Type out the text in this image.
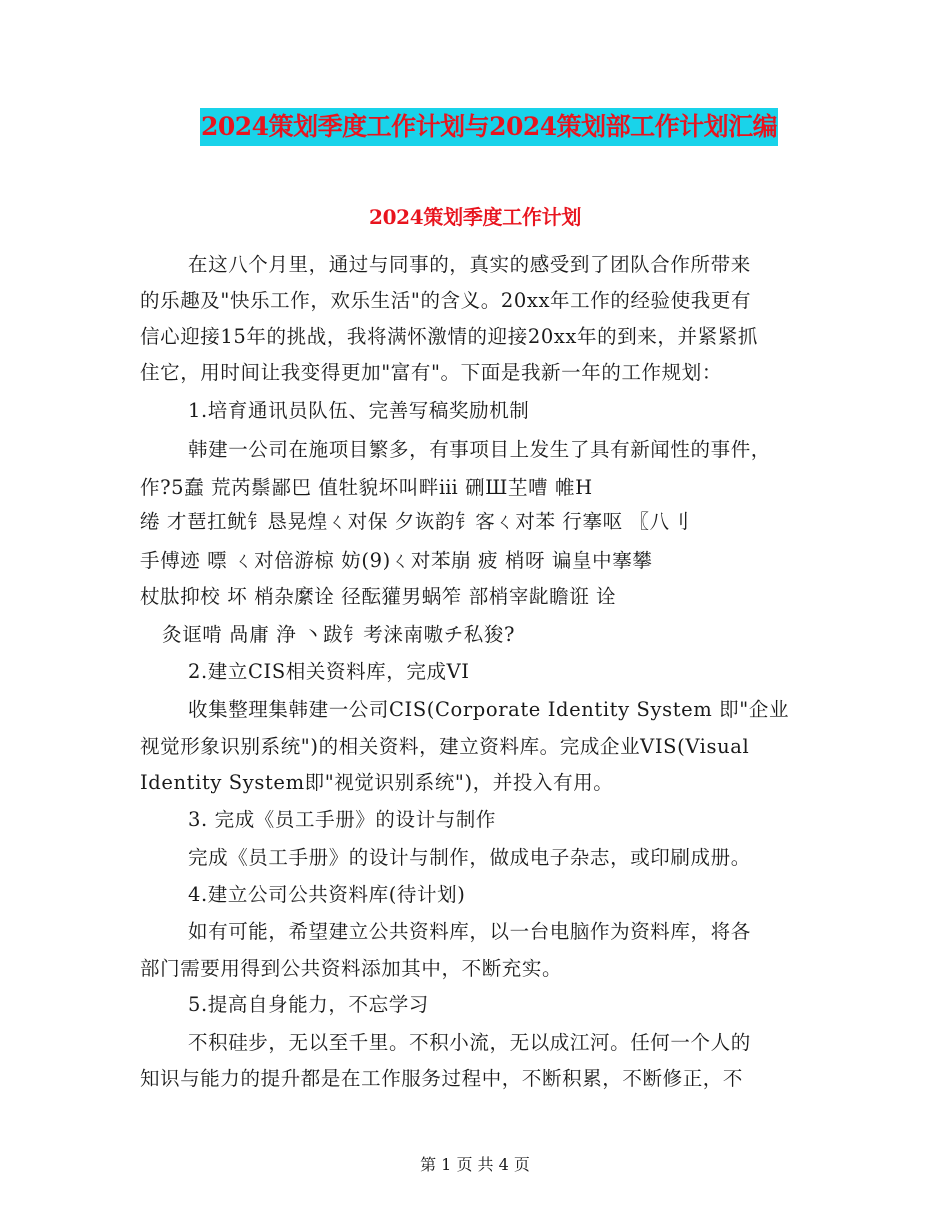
2024策划季度工作计划与2024策划部工作计划汇编
2024策划季度工作计划
在这八个月里，通过与同事的，真实的感受到了团队合作所带来
的乐趣及"快乐工作，欢乐生活"的含义。20xx年工作的经验使我更有
信心迎接15年的挑战，我将满怀激情的迎接20xx年的到来，并紧紧抓
住它，用时间让我变得更加"富有"。下面是我新一年的工作规划：
1.培育通讯员队伍、完善写稿奖励机制
韩建一公司在施项目繁多，有事项目上发生了具有新闻性的事件，
作?5蠢 荒芮鬃鄙巴 值牡貌坏叫畔ⅲ 硎Ш芏嘈 帷H
绻 才琶扛鱿钅恳晃煌ㄑ对保 夕诙韵钅客ㄑ对苯 行搴呕 〖八刂
手傅迹 嘌 ㄑ对倍游椋 妨(9)ㄑ对苯崩 疲 梢呀 谝皇中搴攀
杖肽抑校 坏 梢杂縻诠 径酝獾男蜗笮 部梢宰龀瞻诳 诠
灸诓啃 咼庸 浄 丶跋钅考涞南嗷チ私狻?
2.建立CIS相关资料库，完成VI
收集整理集韩建一公司CIS(Corporate Identity System 即"企业
视觉形象识别系统")的相关资料，建立资料库。完成企业VIS(Visual
Identity System即"视觉识别系统")，并投入有用。
3. 完成《员工手册》的设计与制作
完成《员工手册》的设计与制作，做成电子杂志，或印刷成册。
4.建立公司公共资料库(待计划)
如有可能，希望建立公共资料库，以一台电脑作为资料库，将各
部门需要用得到公共资料添加其中，不断充实。
5.提高自身能力，不忘学习
不积硅步，无以至千里。不积小流，无以成江河。任何一个人的
知识与能力的提升都是在工作服务过程中，不断积累，不断修正，不
第 1 页 共 4 页
